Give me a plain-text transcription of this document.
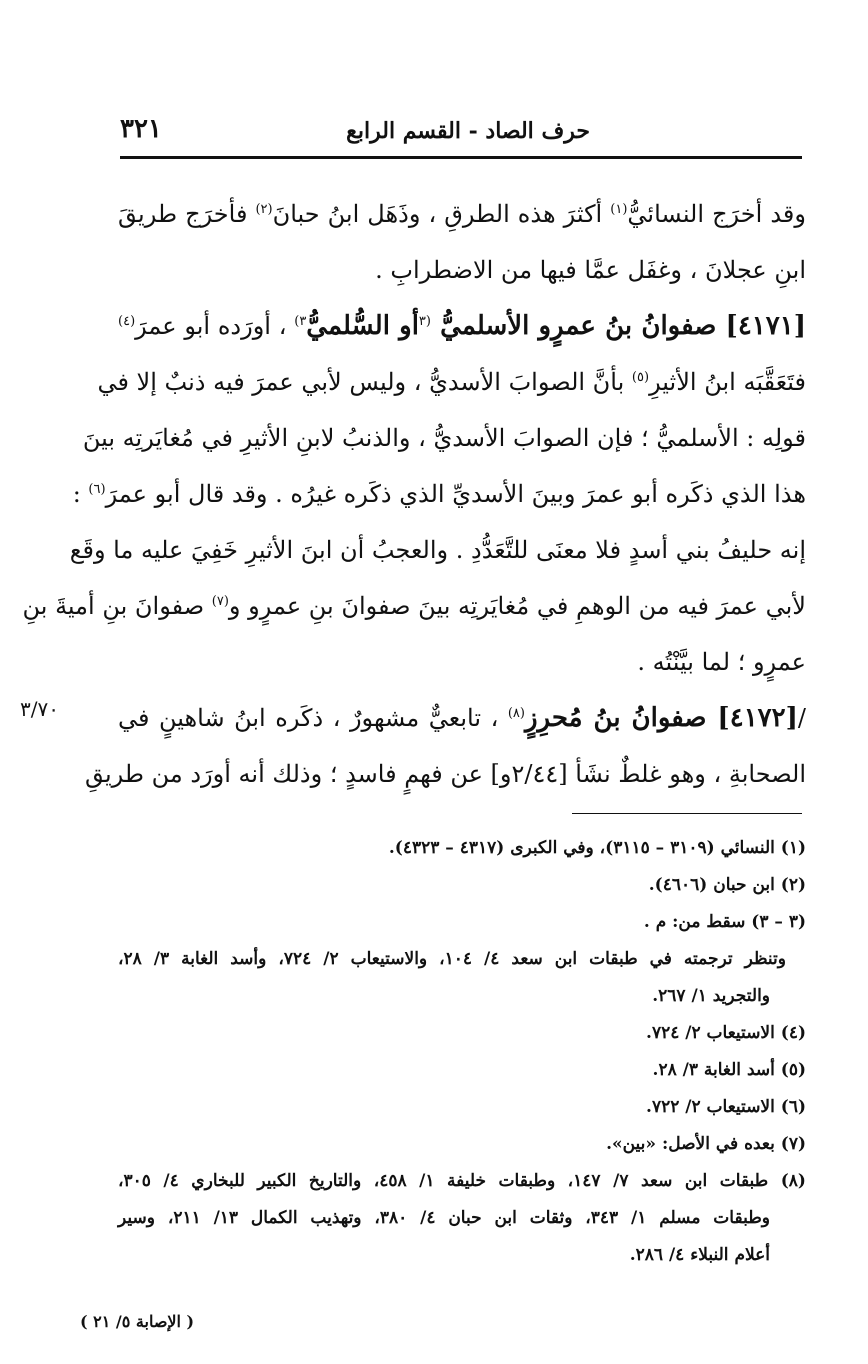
حرف الصاد - القسم الرابع
٣٢١
وقد أخرَج النسائيُّ$^{(١)}$ أكثرَ هذه الطرقِ ، وذَهَل ابنُ حبانَ$^{(٢)}$ فأخرَج طريقَ
ابنِ عجلانَ ، وغفَل عمَّا فيها من الاضطرابِ .
[٤١٧١] صفوانُ بنُ عمرٍو الأسلميُّ $^{(٣}$أو السُّلميُّ$^{٣)}$ ، أورَده أبو عمرَ$^{(٤)}$
فتَعَقَّبَه ابنُ الأثيرِ$^{(٥)}$ بأنَّ الصوابَ الأسديُّ ، وليس لأبي عمرَ فيه ذنبٌ إلا في
قولِه : الأسلميُّ ؛ فإن الصوابَ الأسديُّ ، والذنبُ لابنِ الأثيرِ في مُغايَرتِه بينَ
هذا الذي ذكَره أبو عمرَ وبينَ الأسديِّ الذي ذكَره غيرُه . وقد قال أبو عمرَ$^{(٦)}$ :
إنه حليفُ بني أسدٍ فلا معنَى للتَّعَدُّدِ . والعجبُ أن ابنَ الأثيرِ خَفِيَ عليه ما وقَع
لأبي عمرَ فيه من الوهمِ في مُغايَرتِه بينَ صفوانَ بنِ عمرٍو و$^{(٧)}$ صفوانَ بنِ أميةَ بنِ
عمرٍو ؛ لما بيَّنْتُه .
/[٤١٧٢] صفوانُ بنُ مُحرِزٍ$^{(٨)}$ ، تابعيٌّ مشهورٌ ، ذكَره ابنُ شاهينٍ في
الصحابةِ ، وهو غلطٌ نشَأ [٢/٤٤و] عن فهمٍ فاسدٍ ؛ وذلك أنه أورَد من طريقِ
٣/٧٠
(١) النسائي (٣١٠٩ – ٣١١٥)، وفي الكبرى (٤٣١٧ – ٤٣٢٣).
(٢) ابن حبان (٤٦٠٦).
(٣ – ٣) سقط من: م .
وتنظر ترجمته في طبقات ابن سعد ٤/ ١٠٤، والاستيعاب ٢/ ٧٢٤، وأسد الغابة ٣/ ٢٨،
والتجريد ١/ ٢٦٧.
(٤) الاستيعاب ٢/ ٧٢٤.
(٥) أسد الغابة ٣/ ٢٨.
(٦) الاستيعاب ٢/ ٧٢٢.
(٧) بعده في الأصل: «بين».
(٨) طبقات ابن سعد ٧/ ١٤٧، وطبقات خليفة ١/ ٤٥٨، والتاريخ الكبير للبخاري ٤/ ٣٠٥،
وطبقات مسلم ١/ ٣٤٣، وثقات ابن حبان ٤/ ٣٨٠، وتهذيب الكمال ١٣/ ٢١١، وسير
أعلام النبلاء ٤/ ٢٨٦.
( الإصابة ٥/ ٢١ )
